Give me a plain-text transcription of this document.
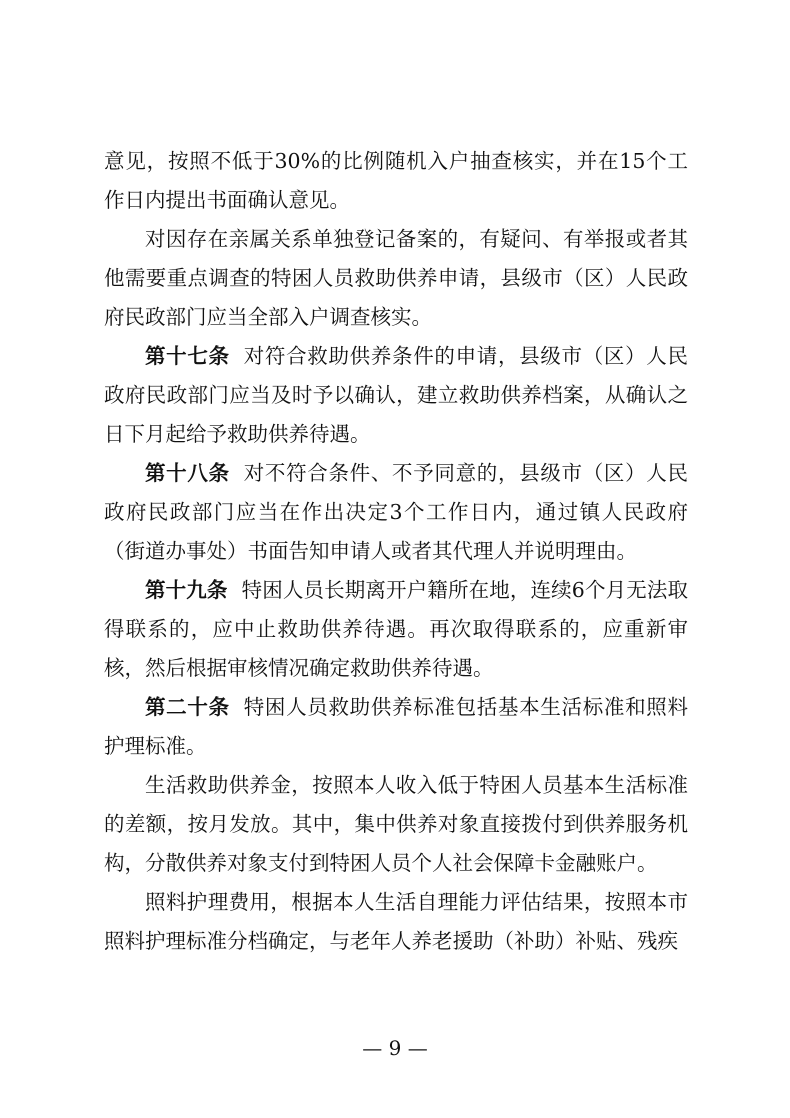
意见，按照不低于30%的比例随机入户抽查核实，并在15个工作日内提出书面确认意见。

对因存在亲属关系单独登记备案的，有疑问、有举报或者其他需要重点调查的特困人员救助供养申请，县级市（区）人民政府民政部门应当全部入户调查核实。

第十七条 对符合救助供养条件的申请，县级市（区）人民政府民政部门应当及时予以确认，建立救助供养档案，从确认之日下月起给予救助供养待遇。

第十八条 对不符合条件、不予同意的，县级市（区）人民政府民政部门应当在作出决定3个工作日内，通过镇人民政府（街道办事处）书面告知申请人或者其代理人并说明理由。

第十九条 特困人员长期离开户籍所在地，连续6个月无法取得联系的，应中止救助供养待遇。再次取得联系的，应重新审核，然后根据审核情况确定救助供养待遇。

第二十条 特困人员救助供养标准包括基本生活标准和照料护理标准。

生活救助供养金，按照本人收入低于特困人员基本生活标准的差额，按月发放。其中，集中供养对象直接拨付到供养服务机构，分散供养对象支付到特困人员个人社会保障卡金融账户。

照料护理费用，根据本人生活自理能力评估结果，按照本市照料护理标准分档确定，与老年人养老援助（补助）补贴、残疾

— 9 —
